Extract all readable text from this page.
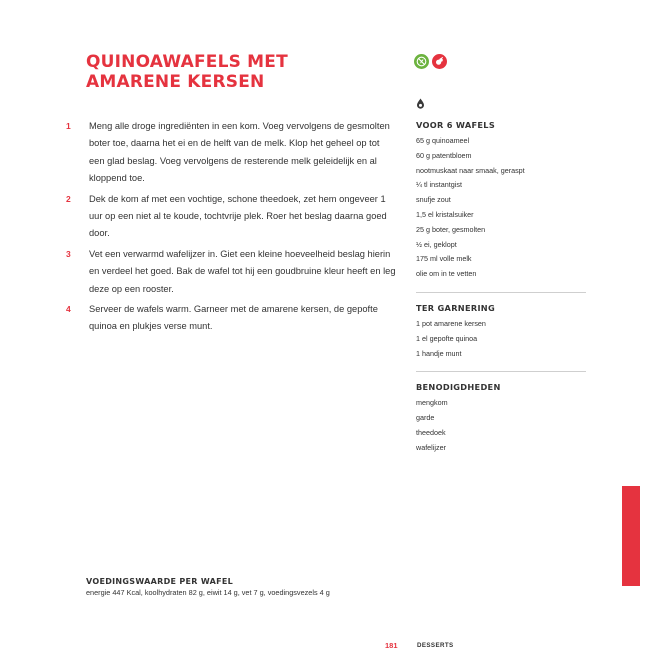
QUINOAWAFELS MET
AMARENE KERSEN
1 Meng alle droge ingrediënten in een kom. Voeg vervolgens de gesmolten boter toe, daarna het ei en de helft van de melk. Klop het geheel op tot een glad beslag. Voeg vervolgens de resterende melk geleidelijk en al kloppend toe.
2 Dek de kom af met een vochtige, schone theedoek, zet hem ongeveer 1 uur op een niet al te koude, tochtvrije plek. Roer het beslag daarna goed door.
3 Vet een verwarmd wafelijzer in. Giet een kleine hoeveelheid beslag hierin en verdeel het goed. Bak de wafel tot hij een goudbruine kleur heeft en leg deze op een rooster.
4 Serveer de wafels warm. Garneer met de amarene kersen, de gepofte quinoa en plukjes verse munt.
VOOR 6 WAFELS
65 g quinoameel
60 g patentbloem
nootmuskaat naar smaak, geraspt
¼ tl instantgist
snufje zout
1,5 el kristalsuiker
25 g boter, gesmolten
½ ei, geklopt
175 ml volle melk
olie om in te vetten
TER GARNERING
1 pot amarene kersen
1 el gepofte quinoa
1 handje munt
BENODIGDHEDEN
mengkom
garde
theedoek
wafelijzer
VOEDINGSWAARDE PER WAFEL
energie 447 Kcal, koolhydraten 82 g, eiwit 14 g, vet 7 g, voedingsvezels 4 g
181	DESSERTS
